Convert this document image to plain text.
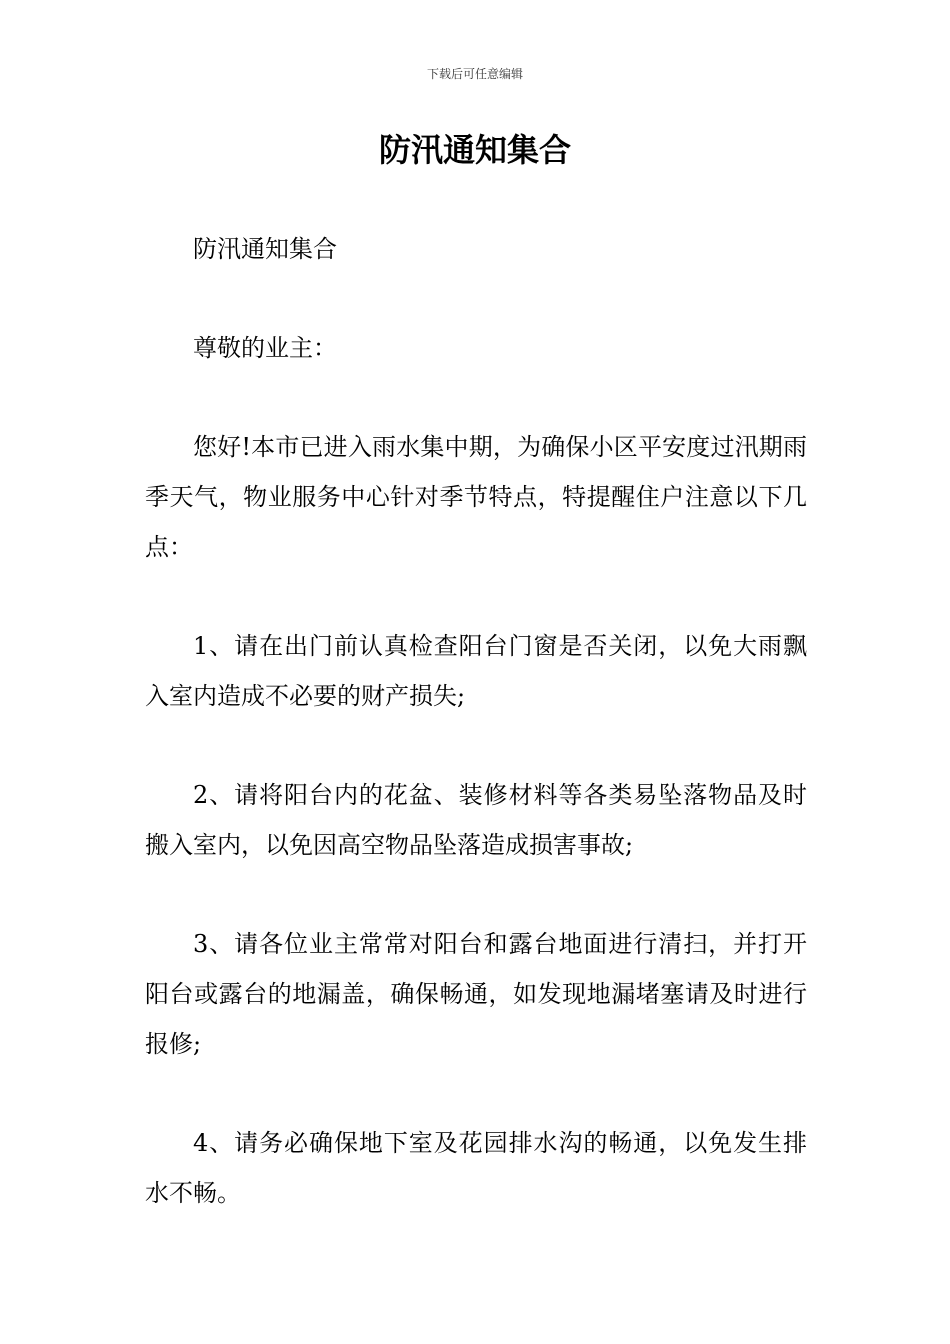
下载后可任意编辑
防汛通知集合

防汛通知集合

尊敬的业主：

您好!本市已进入雨水集中期，为确保小区平安度过汛期雨季天气，物业服务中心针对季节特点，特提醒住户注意以下几点：

1、请在出门前认真检查阳台门窗是否关闭，以免大雨飘入室内造成不必要的财产损失;

2、请将阳台内的花盆、装修材料等各类易坠落物品及时搬入室内，以免因高空物品坠落造成损害事故;

3、请各位业主常常对阳台和露台地面进行清扫，并打开阳台或露台的地漏盖，确保畅通，如发现地漏堵塞请及时进行报修;

4、请务必确保地下室及花园排水沟的畅通，以免发生排水不畅。
